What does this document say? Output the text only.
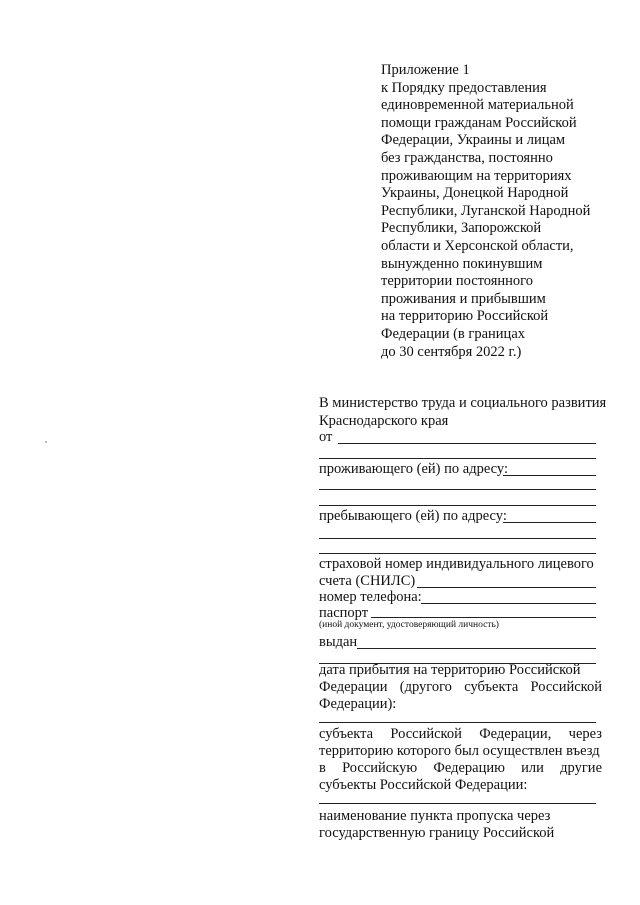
Приложение 1
к Порядку предоставления
единовременной материальной
помощи гражданам Российской
Федерации, Украины и лицам
без гражданства, постоянно
проживающим на территориях
Украины, Донецкой Народной
Республики, Луганской Народной
Республики, Запорожской
области и Херсонской области,
вынужденно покинувшим
территории постоянного
проживания и прибывшим
на территорию Российской
Федерации (в границах
до 30 сентября 2022 г.)
В министерство труда и социального развития
Краснодарского края
от
проживающего (ей) по адресу:
пребывающего (ей) по адресу:
страховой номер индивидуального лицевого
счета (СНИЛС)
номер телефона:
паспорт
(иной документ, удостоверяющий личность)
выдан
дата прибытия на территорию Российской
Федерации (другого субъекта Российской
Федерации):
субъекта Российской Федерации, через
территорию которого был осуществлен въезд
в Российскую Федерацию или другие
субъекты Российской Федерации:
наименование пункта пропуска через
государственную границу Российской
